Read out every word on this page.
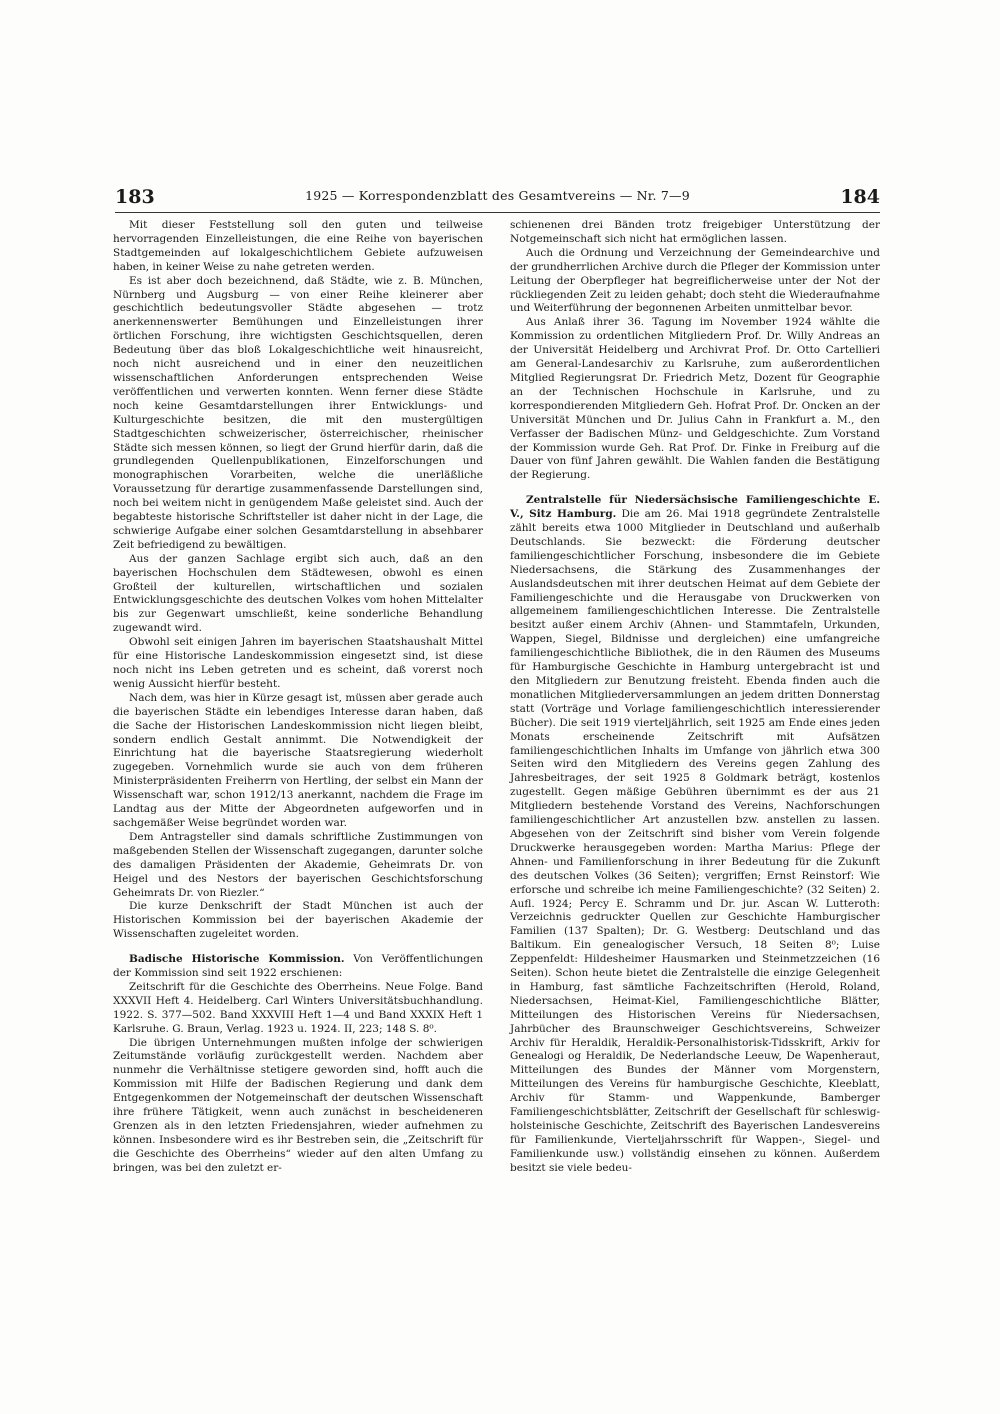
183	1925 — Korrespondenzblatt des Gesamtvereins — Nr. 7—9	184

Mit dieser Feststellung soll den guten und teilweise hervorragenden Einzelleistungen, die eine Reihe von bayerischen Stadtgemeinden auf lokalgeschichtlichem Gebiete aufzuweisen haben, in keiner Weise zu nahe getreten werden.

Es ist aber doch bezeichnend, daß Städte, wie z. B. München, Nürnberg und Augsburg — von einer Reihe kleinerer aber geschichtlich bedeutungsvoller Städte abgesehen — trotz anerkennenswerter Bemühungen und Einzelleistungen ihrer örtlichen Forschung, ihre wichtigsten Geschichtsquellen, deren Bedeutung über das bloß Lokalgeschichtliche weit hinausreicht, noch nicht ausreichend und in einer den neuzeitlichen wissenschaftlichen Anforderungen entsprechenden Weise veröffentlichen und verwerten konnten. Wenn ferner diese Städte noch keine Gesamtdarstellungen ihrer Entwicklungs- und Kulturgeschichte besitzen, die mit den mustergültigen Stadtgeschichten schweizerischer, österreichischer, rheinischer Städte sich messen können, so liegt der Grund hierfür darin, daß die grundlegenden Quellenpublikationen, Einzelforschungen und monographischen Vorarbeiten, welche die unerläßliche Voraussetzung für derartige zusammenfassende Darstellungen sind, noch bei weitem nicht in genügendem Maße geleistet sind. Auch der begabteste historische Schriftsteller ist daher nicht in der Lage, die schwierige Aufgabe einer solchen Gesamtdarstellung in absehbarer Zeit befriedigend zu bewältigen.

Aus der ganzen Sachlage ergibt sich auch, daß an den bayerischen Hochschulen dem Städtewesen, obwohl es einen Großteil der kulturellen, wirtschaftlichen und sozialen Entwicklungsgeschichte des deutschen Volkes vom hohen Mittelalter bis zur Gegenwart umschließt, keine sonderliche Behandlung zugewandt wird.

Obwohl seit einigen Jahren im bayerischen Staatshaushalt Mittel für eine Historische Landeskommission eingesetzt sind, ist diese noch nicht ins Leben getreten und es scheint, daß vorerst noch wenig Aussicht hierfür besteht.

Nach dem, was hier in Kürze gesagt ist, müssen aber gerade auch die bayerischen Städte ein lebendiges Interesse daran haben, daß die Sache der Historischen Landeskommission nicht liegen bleibt, sondern endlich Gestalt annimmt. Die Notwendigkeit der Einrichtung hat die bayerische Staatsregierung wiederholt zugegeben. Vornehmlich wurde sie auch von dem früheren Ministerpräsidenten Freiherrn von Hertling, der selbst ein Mann der Wissenschaft war, schon 1912/13 anerkannt, nachdem die Frage im Landtag aus der Mitte der Abgeordneten aufgeworfen und in sachgemäßer Weise begründet worden war.

Dem Antragsteller sind damals schriftliche Zustimmungen von maßgebenden Stellen der Wissenschaft zugegangen, darunter solche des damaligen Präsidenten der Akademie, Geheimrats Dr. von Heigel und des Nestors der bayerischen Geschichtsforschung Geheimrats Dr. von Riezler.“

Die kurze Denkschrift der Stadt München ist auch der Historischen Kommission bei der bayerischen Akademie der Wissenschaften zugeleitet worden.

Badische Historische Kommission. Von Veröffentlichungen der Kommission sind seit 1922 erschienen:

Zeitschrift für die Geschichte des Oberrheins. Neue Folge. Band XXXVII Heft 4. Heidelberg. Carl Winters Universitätsbuchhandlung. 1922. S. 377—502. Band XXXVIII Heft 1—4 und Band XXXIX Heft 1 Karlsruhe. G. Braun, Verlag. 1923 u. 1924. II, 223; 148 S. 8⁰.

Die übrigen Unternehmungen mußten infolge der schwierigen Zeitumstände vorläufig zurückgestellt werden. Nachdem aber nunmehr die Verhältnisse stetigere geworden sind, hofft auch die Kommission mit Hilfe der Badischen Regierung und dank dem Entgegenkommen der Notgemeinschaft der deutschen Wissenschaft ihre frühere Tätigkeit, wenn auch zunächst in bescheideneren Grenzen als in den letzten Friedensjahren, wieder aufnehmen zu können. Insbesondere wird es ihr Bestreben sein, die „Zeitschrift für die Geschichte des Oberrheins“ wieder auf den alten Umfang zu bringen, was bei den zuletzt er-

schienenen drei Bänden trotz freigebiger Unterstützung der Notgemeinschaft sich nicht hat ermöglichen lassen.

Auch die Ordnung und Verzeichnung der Gemeindearchive und der grundherrlichen Archive durch die Pfleger der Kommission unter Leitung der Oberpfleger hat begreiflicherweise unter der Not der rückliegenden Zeit zu leiden gehabt; doch steht die Wiederaufnahme und Weiterführung der begonnenen Arbeiten unmittelbar bevor.

Aus Anlaß ihrer 36. Tagung im November 1924 wählte die Kommission zu ordentlichen Mitgliedern Prof. Dr. Willy Andreas an der Universität Heidelberg und Archivrat Prof. Dr. Otto Cartellieri am General-Landesarchiv zu Karlsruhe, zum außerordentlichen Mitglied Regierungsrat Dr. Friedrich Metz, Dozent für Geographie an der Technischen Hochschule in Karlsruhe, und zu korrespondierenden Mitgliedern Geh. Hofrat Prof. Dr. Oncken an der Universität München und Dr. Julius Cahn in Frankfurt a. M., den Verfasser der Badischen Münz- und Geldgeschichte. Zum Vorstand der Kommission wurde Geh. Rat Prof. Dr. Finke in Freiburg auf die Dauer von fünf Jahren gewählt. Die Wahlen fanden die Bestätigung der Regierung.

Zentralstelle für Niedersächsische Familiengeschichte E. V., Sitz Hamburg. Die am 26. Mai 1918 gegründete Zentralstelle zählt bereits etwa 1000 Mitglieder in Deutschland und außerhalb Deutschlands. Sie bezweckt: die Förderung deutscher familiengeschichtlicher Forschung, insbesondere die im Gebiete Niedersachsens, die Stärkung des Zusammenhanges der Auslandsdeutschen mit ihrer deutschen Heimat auf dem Gebiete der Familiengeschichte und die Herausgabe von Druckwerken von allgemeinem familiengeschichtlichen Interesse. Die Zentralstelle besitzt außer einem Archiv (Ahnen- und Stammtafeln, Urkunden, Wappen, Siegel, Bildnisse und dergleichen) eine umfangreiche familiengeschichtliche Bibliothek, die in den Räumen des Museums für Hamburgische Geschichte in Hamburg untergebracht ist und den Mitgliedern zur Benutzung freisteht. Ebenda finden auch die monatlichen Mitgliederversammlungen an jedem dritten Donnerstag statt (Vorträge und Vorlage familiengeschichtlich interessierender Bücher). Die seit 1919 vierteljährlich, seit 1925 am Ende eines jeden Monats erscheinende Zeitschrift mit Aufsätzen familiengeschichtlichen Inhalts im Umfange von jährlich etwa 300 Seiten wird den Mitgliedern des Vereins gegen Zahlung des Jahresbeitrages, der seit 1925 8 Goldmark beträgt, kostenlos zugestellt. Gegen mäßige Gebühren übernimmt es der aus 21 Mitgliedern bestehende Vorstand des Vereins, Nachforschungen familiengeschichtlicher Art anzustellen bzw. anstellen zu lassen. Abgesehen von der Zeitschrift sind bisher vom Verein folgende Druckwerke herausgegeben worden: Martha Marius: Pflege der Ahnen- und Familienforschung in ihrer Bedeutung für die Zukunft des deutschen Volkes (36 Seiten); vergriffen; Ernst Reinstorf: Wie erforsche und schreibe ich meine Familiengeschichte? (32 Seiten) 2. Aufl. 1924; Percy E. Schramm und Dr. jur. Ascan W. Lutteroth: Verzeichnis gedruckter Quellen zur Geschichte Hamburgischer Familien (137 Spalten); Dr. G. Westberg: Deutschland und das Baltikum. Ein genealogischer Versuch, 18 Seiten 8⁰; Luise Zeppenfeldt: Hildesheimer Hausmarken und Steinmetzzeichen (16 Seiten). Schon heute bietet die Zentralstelle die einzige Gelegenheit in Hamburg, fast sämtliche Fachzeitschriften (Herold, Roland, Niedersachsen, Heimat-Kiel, Familiengeschichtliche Blätter, Mitteilungen des Historischen Vereins für Niedersachsen, Jahrbücher des Braunschweiger Geschichtsvereins, Schweizer Archiv für Heraldik, Heraldik-Personalhistorisk-Tidsskrift, Arkiv for Genealogi og Heraldik, De Nederlandsche Leeuw, De Wapenheraut, Mitteilungen des Bundes der Männer vom Morgenstern, Mitteilungen des Vereins für hamburgische Geschichte, Kleeblatt, Archiv für Stamm- und Wappenkunde, Bamberger Familiengeschichtsblätter, Zeitschrift der Gesellschaft für schleswig-holsteinische Geschichte, Zeitschrift des Bayerischen Landesvereins für Familienkunde, Vierteljahrsschrift für Wappen-, Siegel- und Familienkunde usw.) vollständig einsehen zu können. Außerdem besitzt sie viele bedeu-
